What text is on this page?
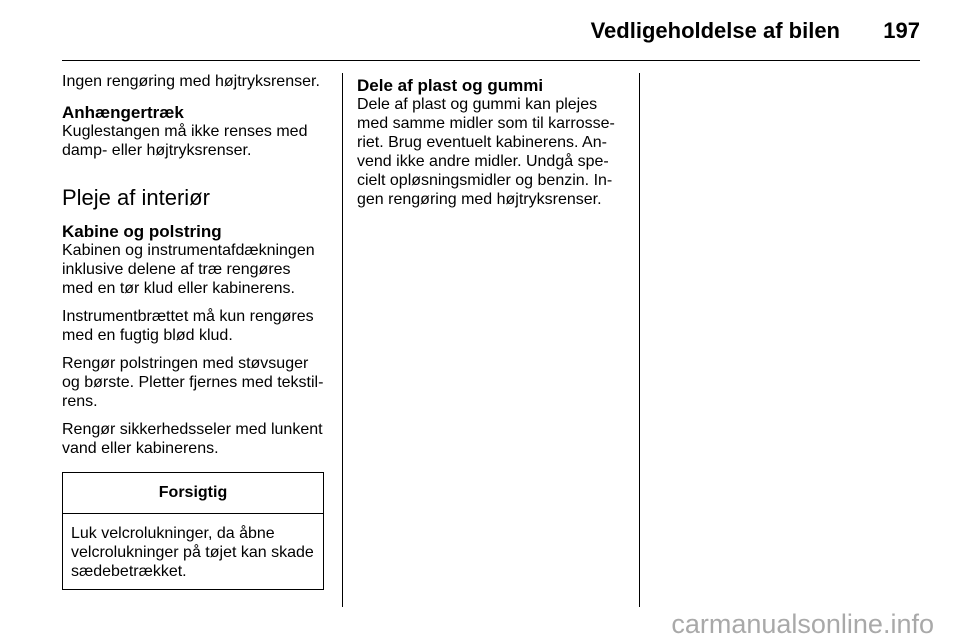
Vedligeholdelse af bilen 197

Ingen rengøring med højtryksrenser.

Anhængertræk

Kuglestangen må ikke renses med damp- eller højtryksrenser.

Pleje af interiør
Kabine og polstring

Kabinen og instrumentafdækningen inklusive delene af træ rengøres med en tør klud eller kabinerens.

Instrumentbrættet må kun rengøres med en fugtig blød klud.

Rengør polstringen med støvsuger og børste. Pletter fjernes med tekstil-rens.

Rengør sikkerhedsseler med lunkent vand eller kabinerens.

Forsigtig
Luk velcrolukninger, da åbne velcrolukninger på tøjet kan skade sædebetrækket.
Dele af plast og gummi

Dele af plast og gummi kan plejes med samme midler som til karrosse-riet. Brug eventuelt kabinerens. An-vend ikke andre midler. Undgå spe-cielt opløsningsmidler og benzin. In-gen rengøring med højtryksrenser.

carmanualsonline.info
